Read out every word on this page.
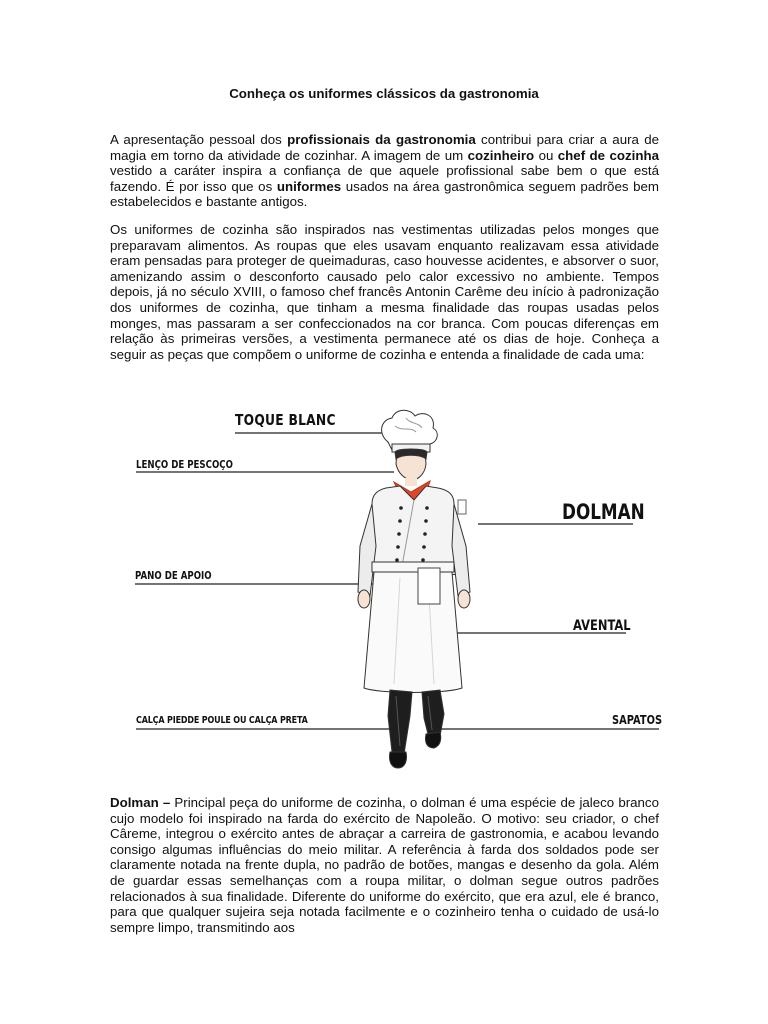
Conheça os uniformes clássicos da gastronomia

A apresentação pessoal dos profissionais da gastronomia contribui para criar a aura de magia em torno da atividade de cozinhar. A imagem de um cozinheiro ou chef de cozinha vestido a caráter inspira a confiança de que aquele profissional sabe bem o que está fazendo. É por isso que os uniformes usados na área gastronômica seguem padrões bem estabelecidos e bastante antigos.

Os uniformes de cozinha são inspirados nas vestimentas utilizadas pelos monges que preparavam alimentos. As roupas que eles usavam enquanto realizavam essa atividade eram pensadas para proteger de queimaduras, caso houvesse acidentes, e absorver o suor, amenizando assim o desconforto causado pelo calor excessivo no ambiente. Tempos depois, já no século XVIII, o famoso chef francês Antonin Carême deu início à padronização dos uniformes de cozinha, que tinham a mesma finalidade das roupas usadas pelos monges, mas passaram a ser confeccionados na cor branca. Com poucas diferenças em relação às primeiras versões, a vestimenta permanece até os dias de hoje. Conheça a seguir as peças que compõem o uniforme de cozinha e entenda a finalidade de cada uma:

TOQUE BLANC
LENÇO DE PESCOÇO
DOLMAN
PANO DE APOIO
AVENTAL
CALÇA PIEDDE POULE OU CALÇA PRETA	SAPATOS

Dolman – Principal peça do uniforme de cozinha, o dolman é uma espécie de jaleco branco cujo modelo foi inspirado na farda do exército de Napoleão. O motivo: seu criador, o chef Câreme, integrou o exército antes de abraçar a carreira de gastronomia, e acabou levando consigo algumas influências do meio militar. A referência à farda dos soldados pode ser claramente notada na frente dupla, no padrão de botões, mangas e desenho da gola. Além de guardar essas semelhanças com a roupa militar, o dolman segue outros padrões relacionados à sua finalidade. Diferente do uniforme do exército, que era azul, ele é branco, para que qualquer sujeira seja notada facilmente e o cozinheiro tenha o cuidado de usá-lo sempre limpo, transmitindo aos
